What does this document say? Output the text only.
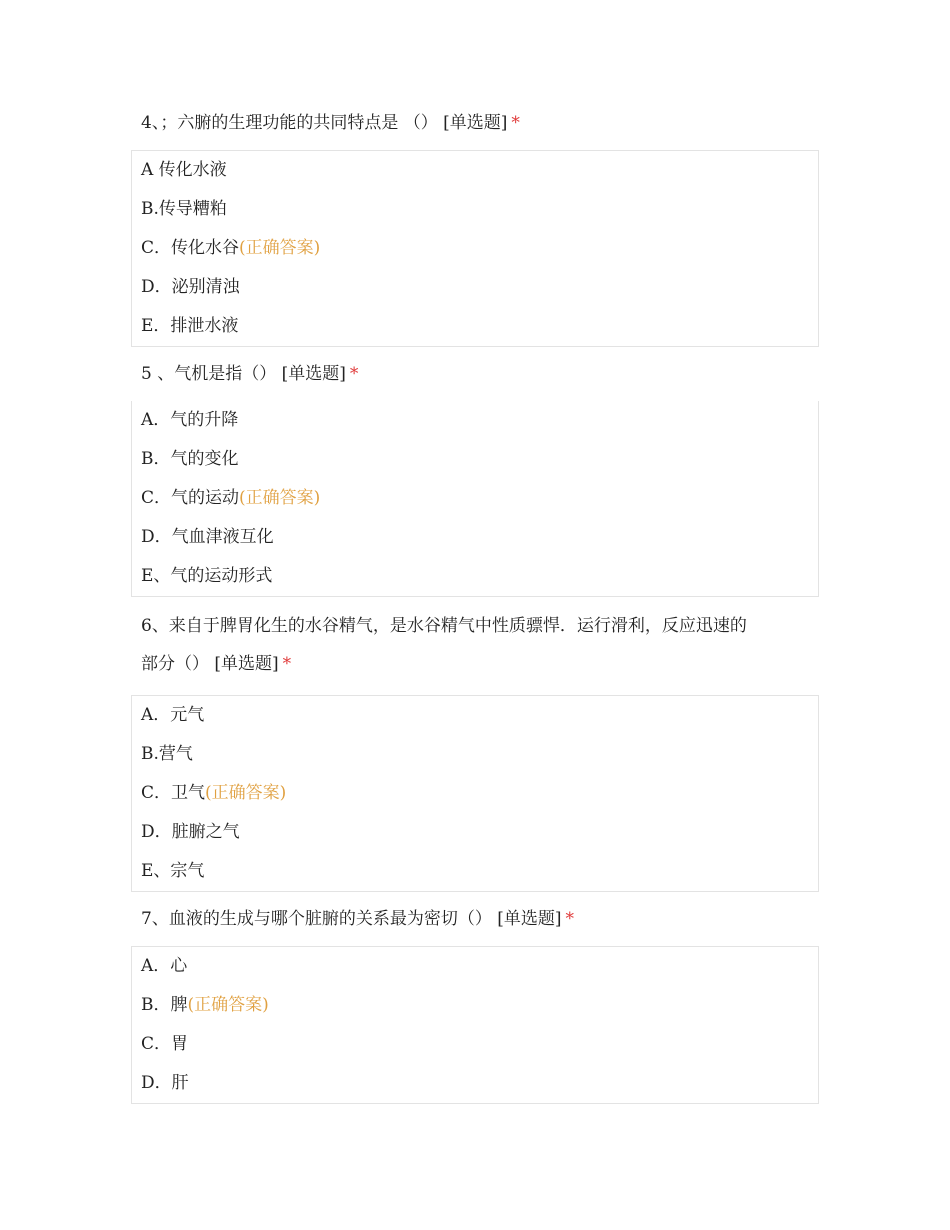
4、；六腑的生理功能的共同特点是 （） [单选题] *
A 传化水液
B.传导糟粕
C．传化水谷(正确答案)
D．泌别清浊
E．排泄水液
5 、气机是指（） [单选题] *
A．气的升降
B．气的变化
C．气的运动(正确答案)
D．气血津液互化
E、气的运动形式
6、来自于脾胃化生的水谷精气，是水谷精气中性质骠悍．运行滑利，反应迅速的
部分（） [单选题] *
A．元气
B.营气
C．卫气(正确答案)
D．脏腑之气
E、宗气
7、血液的生成与哪个脏腑的关系最为密切（） [单选题] *
A．心
B．脾(正确答案)
C．胃
D．肝
